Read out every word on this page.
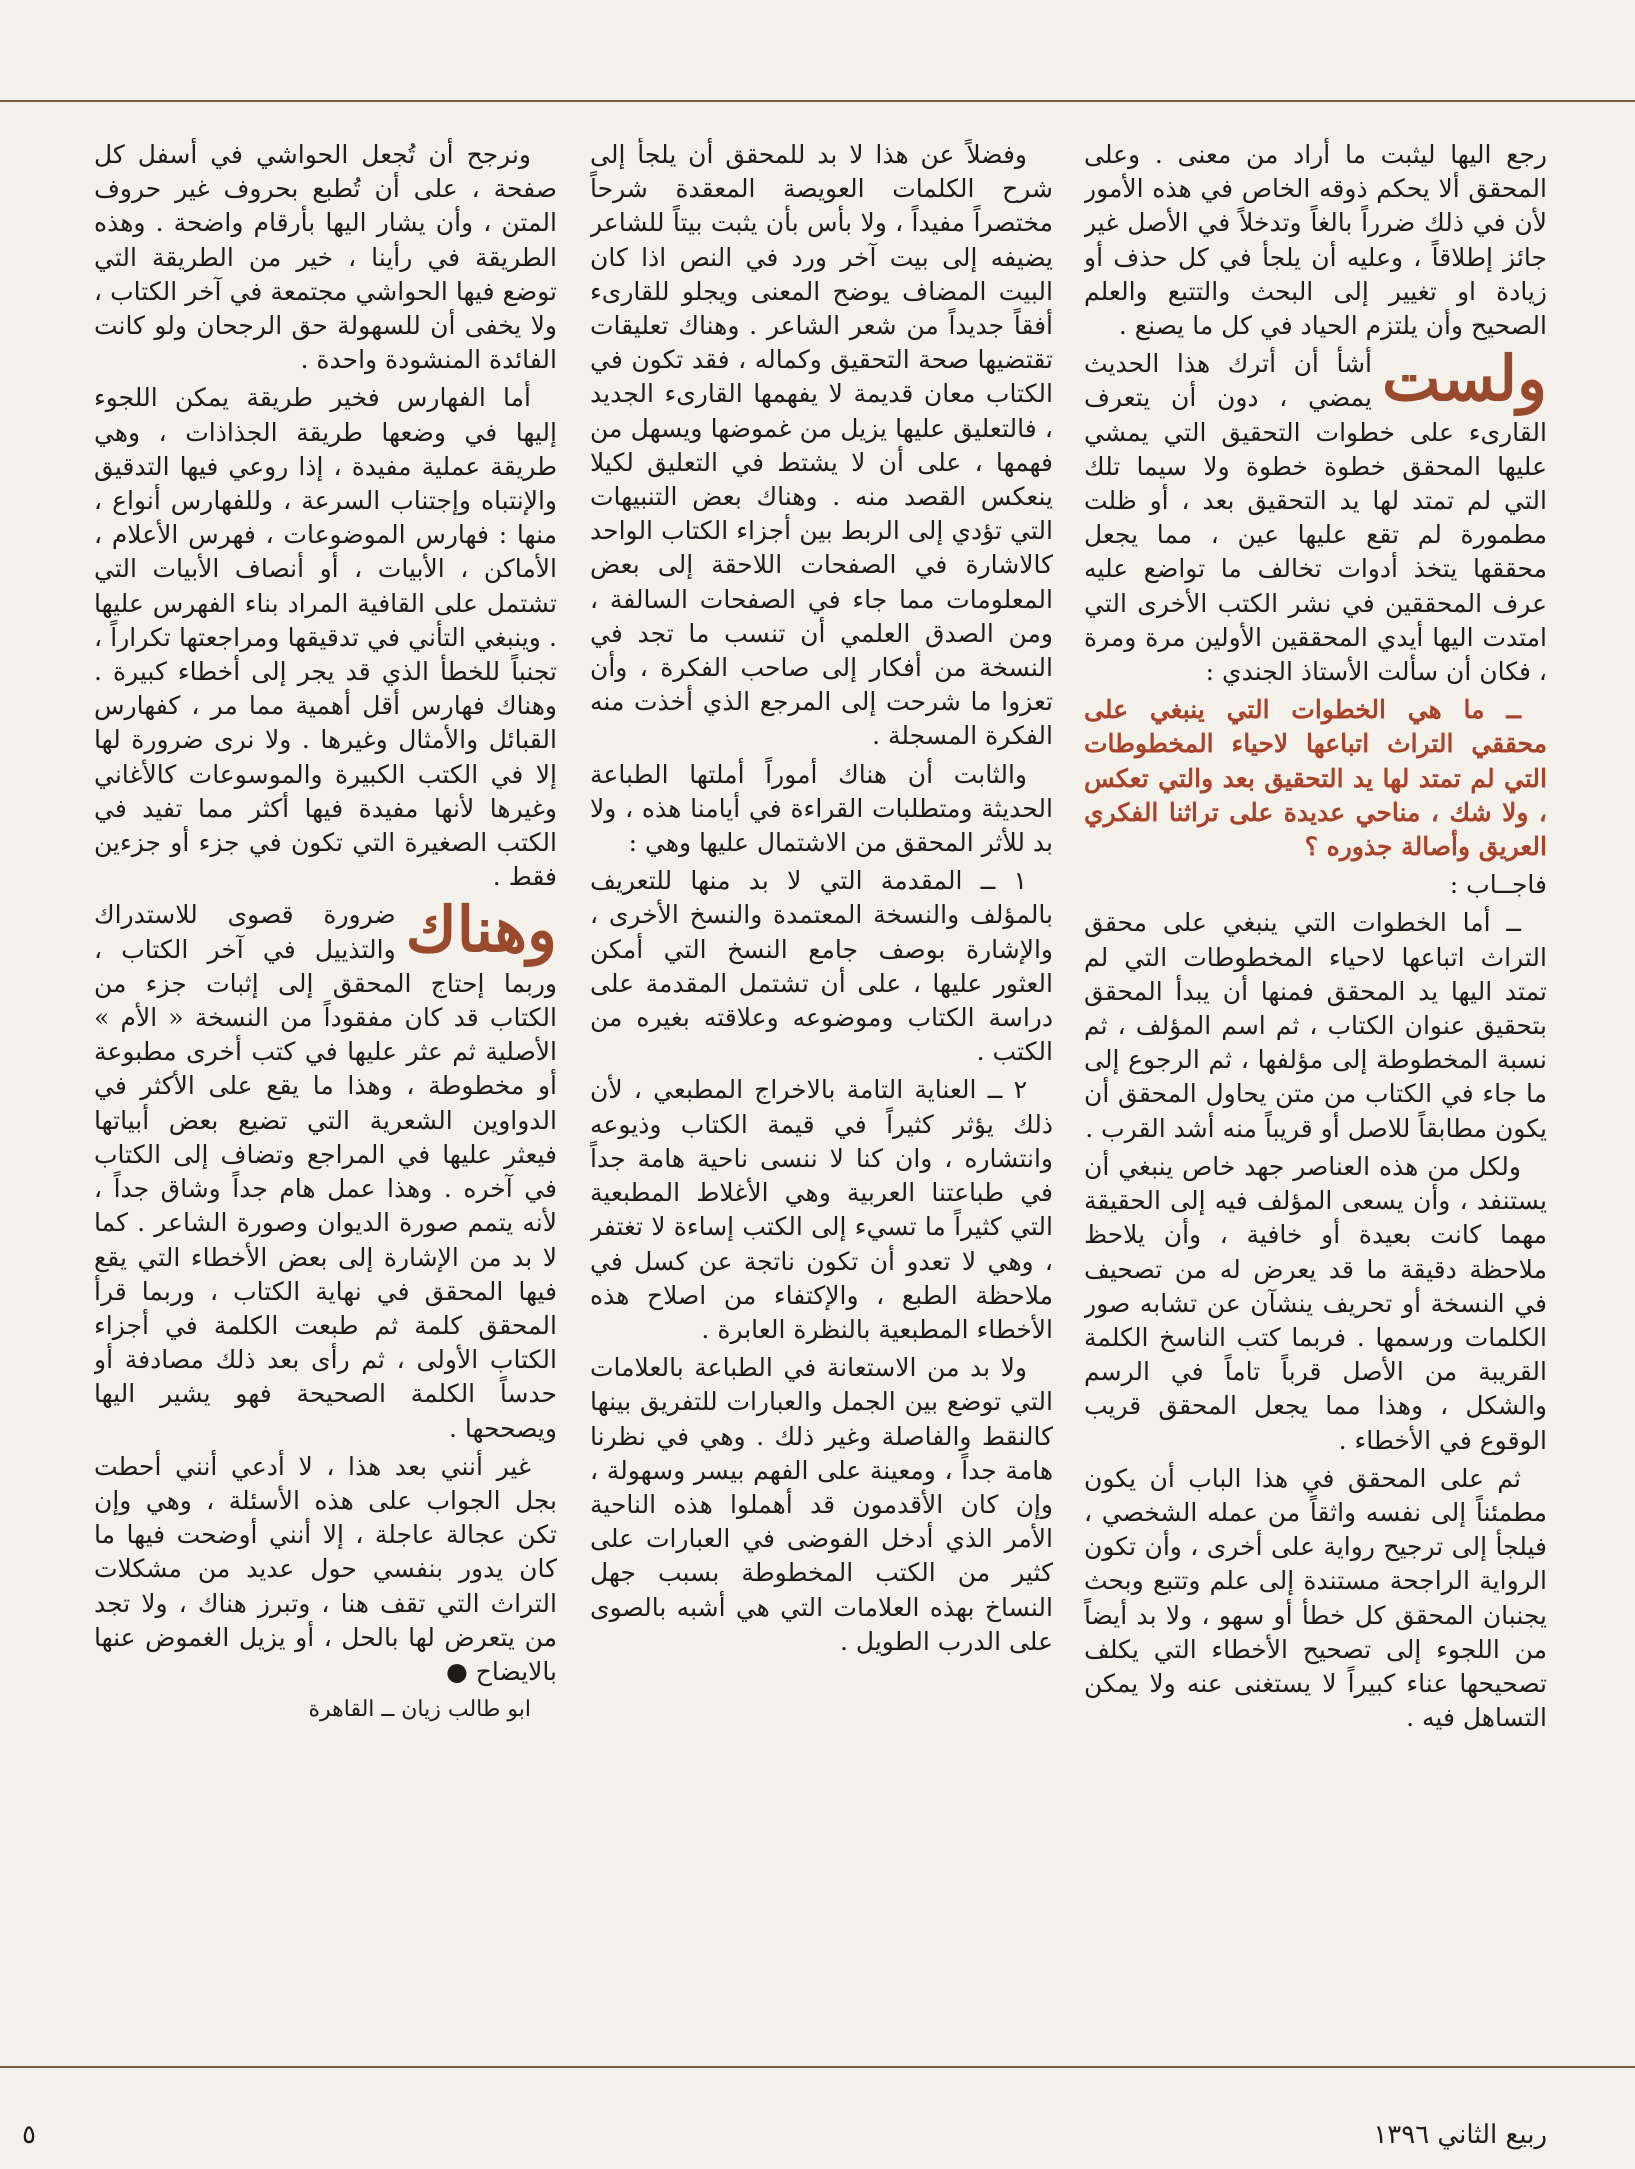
رجع اليها ليثبت ما أراد من معنى . وعلى المحقق ألا يحكم ذوقه الخاص في هذه الأمور لأن في ذلك ضرراً بالغاً وتدخلاً في الأصل غير جائز إطلاقاً ، وعليه أن يلجأ في كل حذف أو زيادة او تغيير إلى البحث والتتبع والعلم الصحيح وأن يلتزم الحياد في كل ما يصنع .

ولست
أشأ أن أترك هذا الحديث يمضي ، دون أن يتعرف القارىء على خطوات التحقيق التي يمشي عليها المحقق خطوة خطوة ولا سيما تلك التي لم تمتد لها يد التحقيق بعد ، أو ظلت مطمورة لم تقع عليها عين ، مما يجعل محققها يتخذ أدوات تخالف ما تواضع عليه عرف المحققين في نشر الكتب الأخرى التي امتدت اليها أيدي المحققين الأولين مرة ومرة ، فكان أن سألت الأستاذ الجندي :

ــ ما هي الخطوات التي ينبغي على محققي التراث اتباعها لاحياء المخطوطات التي لم تمتد لها يد التحقيق بعد والتي تعكس ، ولا شك ، مناحي عديدة على تراثنا الفكري العريق وأصالة جذوره ؟

فاجــاب :

ــ أما الخطوات التي ينبغي على محقق التراث اتباعها لاحياء المخطوطات التي لم تمتد اليها يد المحقق فمنها أن يبدأ المحقق بتحقيق عنوان الكتاب ، ثم اسم المؤلف ، ثم نسبة المخطوطة إلى مؤلفها ، ثم الرجوع إلى ما جاء في الكتاب من متن يحاول المحقق أن يكون مطابقاً للاصل أو قريباً منه أشد القرب .

ولكل من هذه العناصر جهد خاص ينبغي أن يستنفد ، وأن يسعى المؤلف فيه إلى الحقيقة مهما كانت بعيدة أو خافية ، وأن يلاحظ ملاحظة دقيقة ما قد يعرض له من تصحيف في النسخة أو تحريف ينشآن عن تشابه صور الكلمات ورسمها . فربما كتب الناسخ الكلمة القريبة من الأصل قرباً تاماً في الرسم والشكل ، وهذا مما يجعل المحقق قريب الوقوع في الأخطاء .

ثم على المحقق في هذا الباب أن يكون مطمئناً إلى نفسه واثقاً من عمله الشخصي ، فيلجأ إلى ترجيح رواية على أخرى ، وأن تكون الرواية الراجحة مستندة إلى علم وتتبع وبحث يجنبان المحقق كل خطأ أو سهو ، ولا بد أيضاً من اللجوء إلى تصحيح الأخطاء التي يكلف تصحيحها عناء كبيراً لا يستغنى عنه ولا يمكن التساهل فيه .

وفضلاً عن هذا لا بد للمحقق أن يلجأ إلى شرح الكلمات العويصة المعقدة شرحاً مختصراً مفيداً ، ولا بأس بأن يثبت بيتاً للشاعر يضيفه إلى بيت آخر ورد في النص اذا كان البيت المضاف يوضح المعنى ويجلو للقارىء أفقاً جديداً من شعر الشاعر . وهناك تعليقات تقتضيها صحة التحقيق وكماله ، فقد تكون في الكتاب معان قديمة لا يفهمها القارىء الجديد ، فالتعليق عليها يزيل من غموضها ويسهل من فهمها ، على أن لا يشتط في التعليق لكيلا ينعكس القصد منه . وهناك بعض التنبيهات التي تؤدي إلى الربط بين أجزاء الكتاب الواحد كالاشارة في الصفحات اللاحقة إلى بعض المعلومات مما جاء في الصفحات السالفة ، ومن الصدق العلمي أن تنسب ما تجد في النسخة من أفكار إلى صاحب الفكرة ، وأن تعزوا ما شرحت إلى المرجع الذي أخذت منه الفكرة المسجلة .

والثابت أن هناك أموراً أملتها الطباعة الحديثة ومتطلبات القراءة في أيامنا هذه ، ولا بد للأثر المحقق من الاشتمال عليها وهي :

١ ــ المقدمة التي لا بد منها للتعريف بالمؤلف والنسخة المعتمدة والنسخ الأخرى ، والإشارة بوصف جامع النسخ التي أمكن العثور عليها ، على أن تشتمل المقدمة على دراسة الكتاب وموضوعه وعلاقته بغيره من الكتب .

٢ ــ العناية التامة بالاخراج المطبعي ، لأن ذلك يؤثر كثيراً في قيمة الكتاب وذيوعه وانتشاره ، وان كنا لا ننسى ناحية هامة جداً في طباعتنا العربية وهي الأغلاط المطبعية التي كثيراً ما تسيء إلى الكتب إساءة لا تغتفر ، وهي لا تعدو أن تكون ناتجة عن كسل في ملاحظة الطبع ، والإكتفاء من اصلاح هذه الأخطاء المطبعية بالنظرة العابرة .

ولا بد من الاستعانة في الطباعة بالعلامات التي توضع بين الجمل والعبارات للتفريق بينها كالنقط والفاصلة وغير ذلك . وهي في نظرنا هامة جداً ، ومعينة على الفهم بيسر وسهولة ، وإن كان الأقدمون قد أهملوا هذه الناحية الأمر الذي أدخل الفوضى في العبارات على كثير من الكتب المخطوطة بسبب جهل النساخ بهذه العلامات التي هي أشبه بالصوى على الدرب الطويل .

ونرجح أن تُجعل الحواشي في أسفل كل صفحة ، على أن تُطبع بحروف غير حروف المتن ، وأن يشار اليها بأرقام واضحة . وهذه الطريقة في رأينا ، خير من الطريقة التي توضع فيها الحواشي مجتمعة في آخر الكتاب ، ولا يخفى أن للسهولة حق الرجحان ولو كانت الفائدة المنشودة واحدة .

أما الفهارس فخير طريقة يمكن اللجوء إليها في وضعها طريقة الجذاذات ، وهي طريقة عملية مفيدة ، إذا روعي فيها التدقيق والإنتباه وإجتناب السرعة ، وللفهارس أنواع ، منها : فهارس الموضوعات ، فهرس الأعلام ، الأماكن ، الأبيات ، أو أنصاف الأبيات التي تشتمل على القافية المراد بناء الفهرس عليها . وينبغي التأني في تدقيقها ومراجعتها تكراراً ، تجنباً للخطأ الذي قد يجر إلى أخطاء كبيرة . وهناك فهارس أقل أهمية مما مر ، كفهارس القبائل والأمثال وغيرها . ولا نرى ضرورة لها إلا في الكتب الكبيرة والموسوعات كالأغاني وغيرها لأنها مفيدة فيها أكثر مما تفيد في الكتب الصغيرة التي تكون في جزء أو جزءين فقط .

وهناك
ضرورة قصوى للاستدراك والتذييل في آخر الكتاب ، وربما إحتاج المحقق إلى إثبات جزء من الكتاب قد كان مفقوداً من النسخة « الأم » الأصلية ثم عثر عليها في كتب أخرى مطبوعة أو مخطوطة ، وهذا ما يقع على الأكثر في الدواوين الشعرية التي تضيع بعض أبياتها فيعثر عليها في المراجع وتضاف إلى الكتاب في آخره . وهذا عمل هام جداً وشاق جداً ، لأنه يتمم صورة الديوان وصورة الشاعر . كما لا بد من الإشارة إلى بعض الأخطاء التي يقع فيها المحقق في نهاية الكتاب ، وربما قرأ المحقق كلمة ثم طبعت الكلمة في أجزاء الكتاب الأولى ، ثم رأى بعد ذلك مصادفة أو حدساً الكلمة الصحيحة فهو يشير اليها ويصححها .

غير أنني بعد هذا ، لا أدعي أنني أحطت بجل الجواب على هذه الأسئلة ، وهي وإن تكن عجالة عاجلة ، إلا أنني أوضحت فيها ما كان يدور بنفسي حول عديد من مشكلات التراث التي تقف هنا ، وتبرز هناك ، ولا تجد من يتعرض لها بالحل ، أو يزيل الغموض عنها بالايضاح ●

ابو طالب زيان ــ القاهرة

ربيع الثاني ١٣٩٦
٥
